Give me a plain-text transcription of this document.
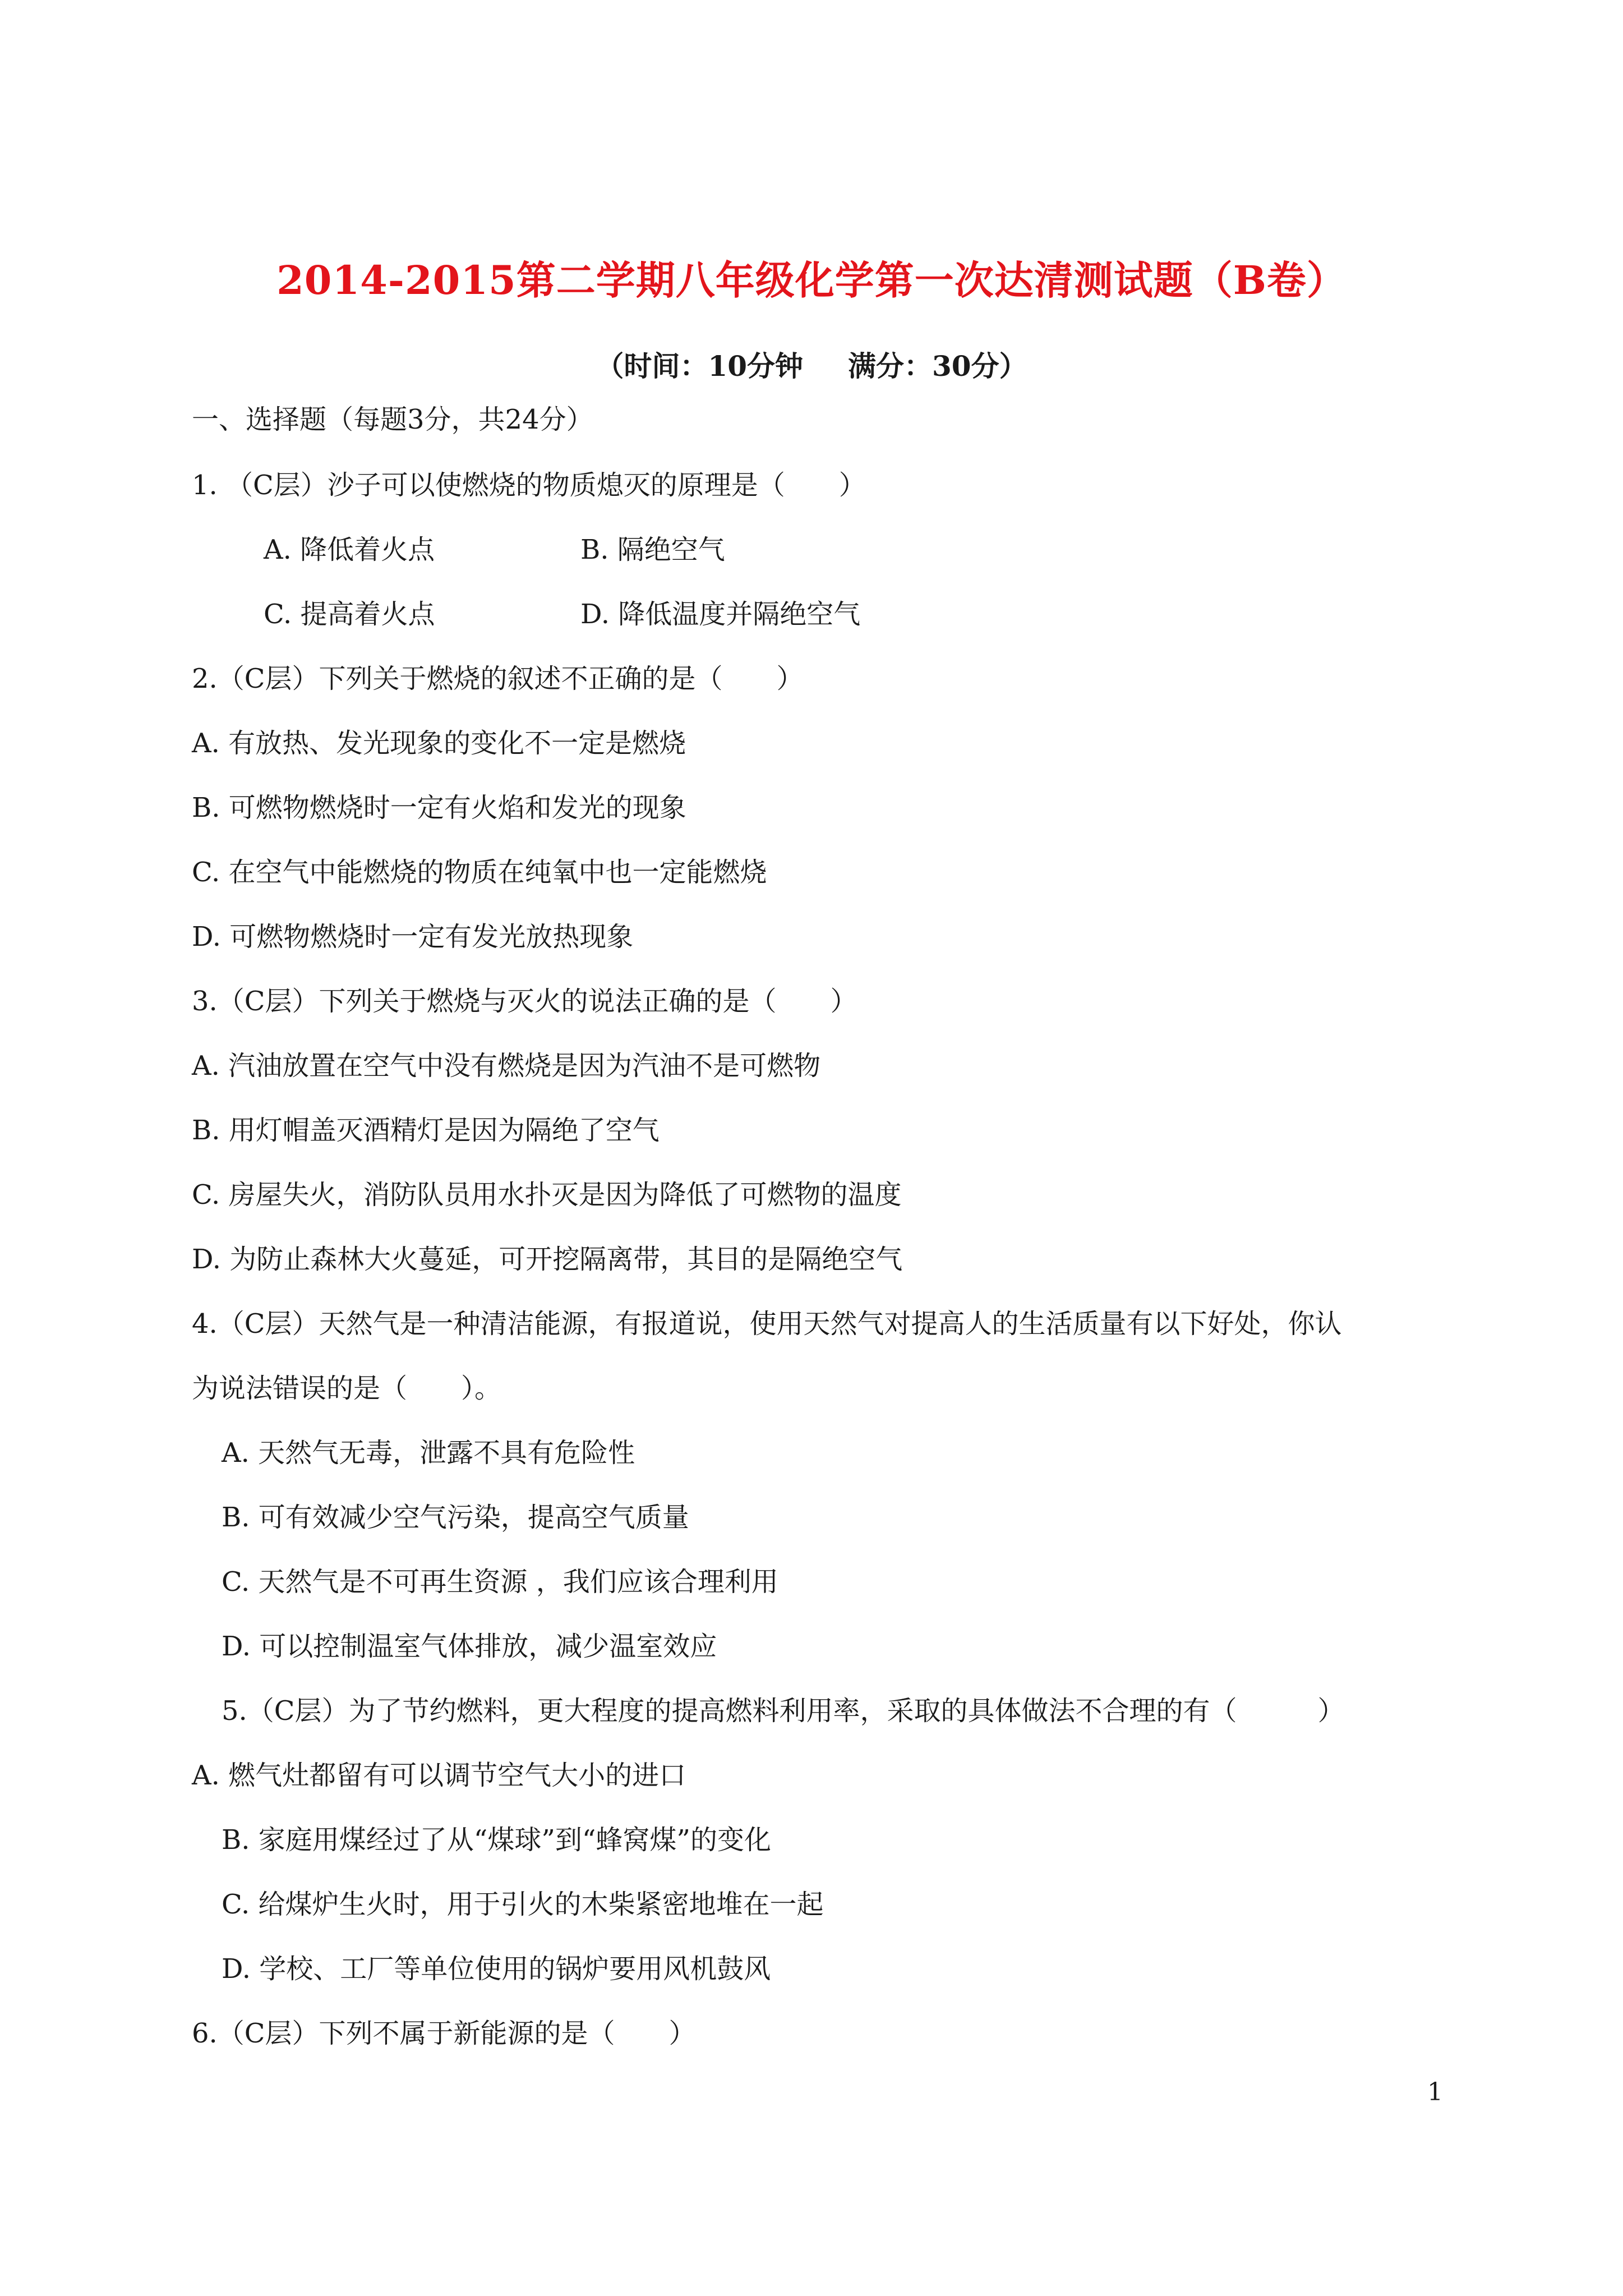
2014-2015第二学期八年级化学第一次达清测试题（B卷）
（时间：10分钟 满分：30分）
一、选择题（每题3分，共24分）
1. （C层）沙子可以使燃烧的物质熄灭的原理是（　　）
A. 降低着火点	B. 隔绝空气
C. 提高着火点	D. 降低温度并隔绝空气
2.（C层）下列关于燃烧的叙述不正确的是（　　）
A. 有放热、发光现象的变化不一定是燃烧
B. 可燃物燃烧时一定有火焰和发光的现象
C. 在空气中能燃烧的物质在纯氧中也一定能燃烧
D. 可燃物燃烧时一定有发光放热现象
3.（C层）下列关于燃烧与灭火的说法正确的是（　　）
A. 汽油放置在空气中没有燃烧是因为汽油不是可燃物
B. 用灯帽盖灭酒精灯是因为隔绝了空气
C. 房屋失火，消防队员用水扑灭是因为降低了可燃物的温度
D. 为防止森林大火蔓延，可开挖隔离带，其目的是隔绝空气
4.（C层）天然气是一种清洁能源，有报道说，使用天然气对提高人的生活质量有以下好处，你认
为说法错误的是（　　）。
A. 天然气无毒，泄露不具有危险性
B. 可有效减少空气污染，提高空气质量
C. 天然气是不可再生资源 ，我们应该合理利用
D. 可以控制温室气体排放，减少温室效应
5.（C层）为了节约燃料，更大程度的提高燃料利用率，采取的具体做法不合理的有（　　　）
A. 燃气灶都留有可以调节空气大小的进口
B. 家庭用煤经过了从“煤球”到“蜂窝煤”的变化
C. 给煤炉生火时，用于引火的木柴紧密地堆在一起
D. 学校、工厂等单位使用的锅炉要用风机鼓风
6.（C层）下列不属于新能源的是（　　）
1
